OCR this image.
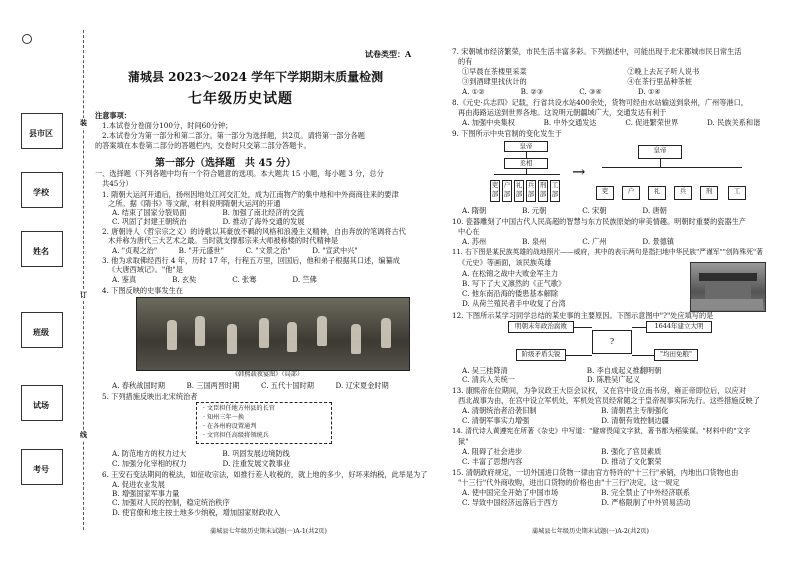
县市区
学校
姓名
班级
试场
考号
装
订
线
试卷类型：A
蒲城县 2023～2024 学年下学期期末质量检测
七年级历史试题
注意事项：
1.本试卷分卷面分100分，时间60分钟；
2.本试卷分为第一部分和第二部分。第一部分为选择题，共2页。请将第一部分各题
的答案填在本卷第二部分的答题栏内，交卷时只交第二部分答题卡。
第一部分（选择题　共 45 分）
一、选择题（下列各题中均有一个符合题意的选项。本大题共 15 小题，每小题 3 分，总分
共45分）
1. 隋朝大运河开通后，扬州因地处江河交汇处，成为江南物产的集中地和中外商商往来的要津
之所。据《隋书》等文献，材料说明隋朝大运河的开通
A. 结束了国家分裂局面　　　　　B. 加强了南北经济的交流
C. 巩固了封建王朝统治　　　　　D. 推动了海外交通的发展
2. 唐朝诗人（哲宗宗之义）的诗歌以其豪放不羁的风格和浪漫主义精神，自由奔放的笔调将古代
木并称为唐代三大艺术之最。当时就支撑那宗来大师被称楼的时代精神是
A. "贞观之治"　　　B. "开元盛世"　　　C. "文景之治"　　　D. "宣武中兴"
3. 他为求取佛经西行 4 年，历时 17 年，行程五万里，回国后，他和弟子根据其口述，编纂成
《大唐西域记》。"他"是
A. 鉴真　　　　　B. 玄奘　　　　　C. 张骞　　　　　D. 竺佛
4. 下图反映的史事发生在
《韩熙载夜宴图》（局部）
A. 春秋战国时期　　　B. 三国两晋时期　　　C. 五代十国时期　　　D. 辽宋夏金时期
5. 下列措施反映出北宋统治者
· 文臣担任地方州县的长官
· 知州三年一换
· 在各州府设置通判
· 文官担任高级将领统兵
A. 防范地方的权力过大　　　　　B. 巩固发展边境防线
C. 加强分化宰相的权力　　　　　D. 注重发展文教事业
6. 王安石变法期间的税法，如征收宗法，如推行差人收税的，就上地的多少，好坏来纳税，此举是为了
A. 促进农业发展
B. 增强国家军事力量
C. 加强对人民的控制，稳定统治秩序
D. 使官僚和地主按土地多少纳税，增加国家财政收入
蒲城县七年级历史期末试题(一)A-1(共2页)
7. 宋朝城市经济繁荣，市民生活丰富多彩。下列描述中，可能出现于北宋都城市民日常生活
的有
①早晨在茶楼里采菜　　　　　　　　　　　　　　②晚上去瓦子听人说书
③到酒肆里找伙计的　　　　　　　　　　　　　　④在茶行里品种茶桩
A. ①②　　　　　B. ②③　　　　　C. ③④　　　　　D. ①④
8.《元史·兵志四》记载，行省共设水站400余处，货物可经由水站输送到泉州，广州等港口，
再由海路运送到世界各地。这说明元朝疆域广大，交通发达有利于
A. 加强中央集权　　　　B. 中外交通发达　　　　C. 促进繁荣世界　　　　D. 民族关系和谐
9. 下图所示中央官制的变化发生于
皇帝
丞相
吏部
户部
礼部
兵部
刑部
工部
→
皇帝
吏	户	礼	兵	刑	工
A. 隋朝　　　　　B. 元朝　　　　　C. 宋朝　　　　　D. 唐朝
10. 瓷器雕刻了中国古代人民高超的智慧与东方民族原始的审美情趣。明朝时重要的瓷器生产
中心在
A. 苏州　　　　　B. 泉州　　　　　C. 广州　　　　　D. 景德镇
11. 右下图是某民族英雄的战地照片——威府，其中的表示两句是指扫地中华民族"严谨军""创阵殊死"著
《元史》等画面，该民族英雄
A. 在松锦之战中大败金军主力
B. 写下了大义凛然的《正气歌》
C. 他东南沿海的倭患基本解除
D. 从荷兰殖民者手中收复了台湾
12. 下图所示某学习同学总结的某史事的主要原因。下图示意图中"?"处应填写的是
明朝末年政治腐败
阶级矛盾尖锐
?
1644年建立大明
"均田免粮"
A. 吴三桂降清　　　　　　　　　　　B. 李自成起义推翻明朝
C. 清兵入关统一　　　　　　　　　　D. 陈胜吴广起义
13. 康熙帝在位期间，为争议政王大臣会议权，又在宫中设立南书房，雍正帝即位后，以应对
西北战事为由，在宫中设立军机处，军机处官员经常随之于皇帝视事实际先行。这些措施反映了
A. 清朝统治者沿袭旧制　　　　　　　　　B. 清朝君主专制强化
C. 清朝军事实力增强　　　　　　　　　　D. 清朝有效控制边疆
14. 清代诗人黄遵宪在所著《杂史》中写道："避席畏闻文字狱，著书都为稻粱谋。"材料中的"文字
狱"
A. 阻碍了社会进步　　　　　　　　　　　B. 强化了官员素质
C. 丰富了思想内容　　　　　　　　　　　D. 推动了文化繁荣
15. 清朝政府规定，一切外国进口货物一律由官方特许的"十三行"承销，内地出口货物也由
"十三行"代外商收购，进出口货物的价格也由"十三行"决定。这一规定
A. 使中国完全开始了中国市场　　　　　　B. 完全禁止了中外经济联系
C. 导致中国经济远落后于西方　　　　　　D. 严格限制了中外贸易活动
蒲城县七年级历史期末试题(一)A-2(共2页)
